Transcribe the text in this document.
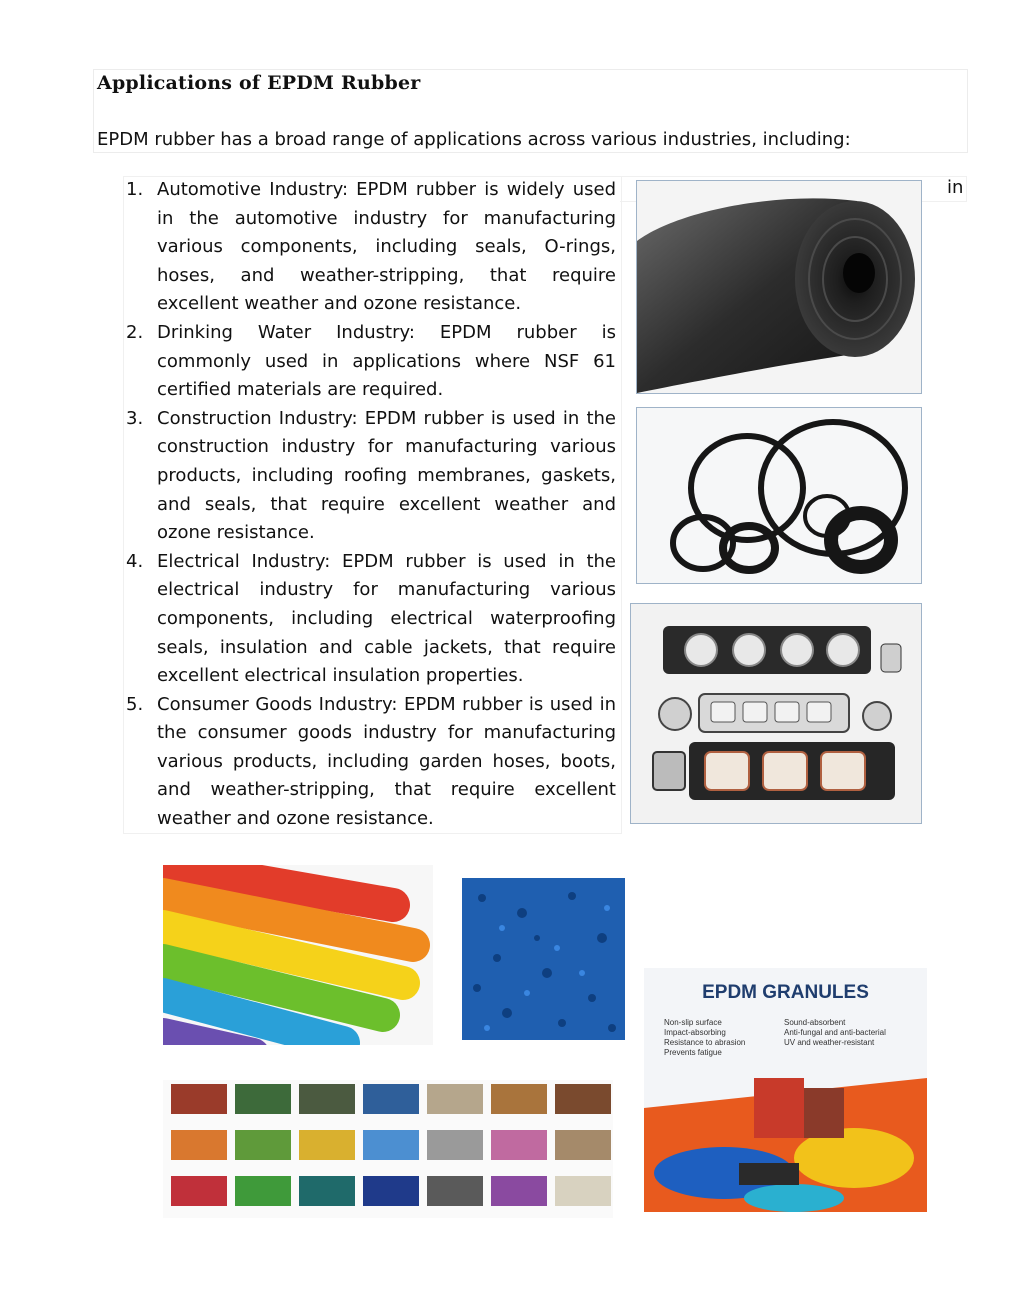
Applications of EPDM Rubber
EPDM rubber has a broad range of applications across various industries, including:
in
1. Automotive Industry: EPDM rubber is widely used in the automotive industry for manufacturing various components, including seals, O-rings, hoses, and weather-stripping, that require excellent weather and ozone resistance.
2. Drinking Water Industry: EPDM rubber is commonly used in applications where NSF 61 certified materials are required.
3. Construction Industry: EPDM rubber is used in the construction industry for manufacturing various products, including roofing membranes, gaskets, and seals, that require excellent weather and ozone resistance.
4. Electrical Industry: EPDM rubber is used in the electrical industry for manufacturing various components, including electrical waterproofing seals, insulation and cable jackets, that require excellent electrical insulation properties.
5. Consumer Goods Industry: EPDM rubber is used in the consumer goods industry for manufacturing various products, including garden hoses, boots, and weather-stripping, that require excellent weather and ozone resistance.
EPDM GRANULES
Non-slip surface
Impact-absorbing
Resistance to abrasion
Prevents fatigue
Sound-absorbent
Anti-fungal and anti-bacterial
UV and weather-resistant
